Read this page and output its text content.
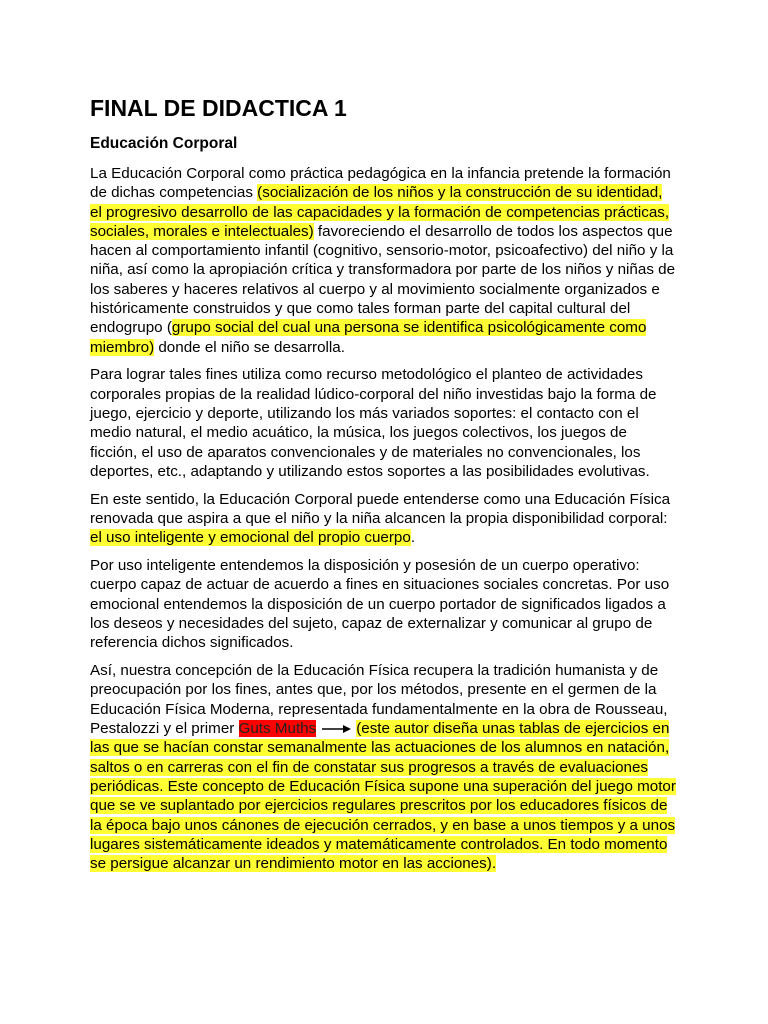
FINAL DE DIDACTICA 1
Educación Corporal

La Educación Corporal como práctica pedagógica en la infancia pretende la formación de dichas competencias (socialización de los niños y la construcción de su identidad, el progresivo desarrollo de las capacidades y la formación de competencias prácticas, sociales, morales e intelectuales) favoreciendo el desarrollo de todos los aspectos que hacen al comportamiento infantil (cognitivo, sensorio-motor, psicoafectivo) del niño y la niña, así como la apropiación crítica y transformadora por parte de los niños y niñas de los saberes y haceres relativos al cuerpo y al movimiento socialmente organizados e históricamente construidos y que como tales forman parte del capital cultural del endogrupo (grupo social del cual una persona se identifica psicológicamente como miembro) donde el niño se desarrolla.

Para lograr tales fines utiliza como recurso metodológico el planteo de actividades corporales propias de la realidad lúdico-corporal del niño investidas bajo la forma de juego, ejercicio y deporte, utilizando los más variados soportes: el contacto con el medio natural, el medio acuático, la música, los juegos colectivos, los juegos de ficción, el uso de aparatos convencionales y de materiales no convencionales, los deportes, etc., adaptando y utilizando estos soportes a las posibilidades evolutivas.

En este sentido, la Educación Corporal puede entenderse como una Educación Física renovada que aspira a que el niño y la niña alcancen la propia disponibilidad corporal: el uso inteligente y emocional del propio cuerpo.

Por uso inteligente entendemos la disposición y posesión de un cuerpo operativo: cuerpo capaz de actuar de acuerdo a fines en situaciones sociales concretas. Por uso emocional entendemos la disposición de un cuerpo portador de significados ligados a los deseos y necesidades del sujeto, capaz de externalizar y comunicar al grupo de referencia dichos significados.

Así, nuestra concepción de la Educación Física recupera la tradición humanista y de preocupación por los fines, antes que, por los métodos, presente en el germen de la Educación Física Moderna, representada fundamentalmente en la obra de Rousseau, Pestalozzi y el primer Guts Muths	(este autor diseña unas tablas de ejercicios en las que se hacían constar semanalmente las actuaciones de los alumnos en natación, saltos o en carreras con el fin de constatar sus progresos a través de evaluaciones periódicas. Este concepto de Educación Física supone una superación del juego motor que se ve suplantado por ejercicios regulares prescritos por los educadores físicos de la época bajo unos cánones de ejecución cerrados, y en base a unos tiempos y a unos lugares sistemáticamente ideados y matemáticamente controlados. En todo momento se persigue alcanzar un rendimiento motor en las acciones).
